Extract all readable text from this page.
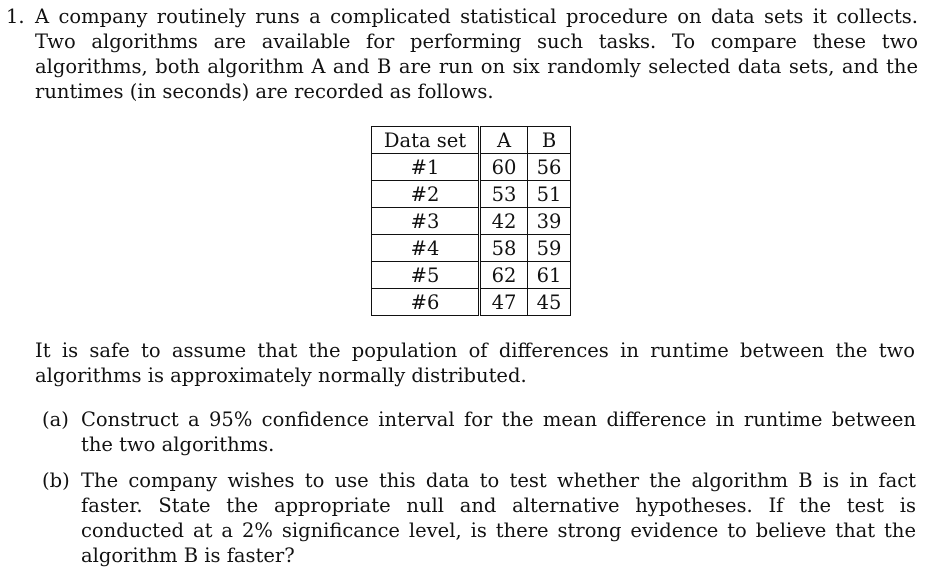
1. A company routinely runs a complicated statistical procedure on data sets it collects. Two algorithms are available for performing such tasks. To compare these two algorithms, both algorithm A and B are run on six randomly selected data sets, and the runtimes (in seconds) are recorded as follows.
Data set	A	B
#1	60	56
#2	53	51
#3	42	39
#4	58	59
#5	62	61
#6	47	45
It is safe to assume that the population of differences in runtime between the two algorithms is approximately normally distributed.
(a) Construct a 95% confidence interval for the mean difference in runtime between the two algorithms.
(b) The company wishes to use this data to test whether the algorithm B is in fact faster. State the appropriate null and alternative hypotheses. If the test is conducted at a 2% significance level, is there strong evidence to believe that the algorithm B is faster?
